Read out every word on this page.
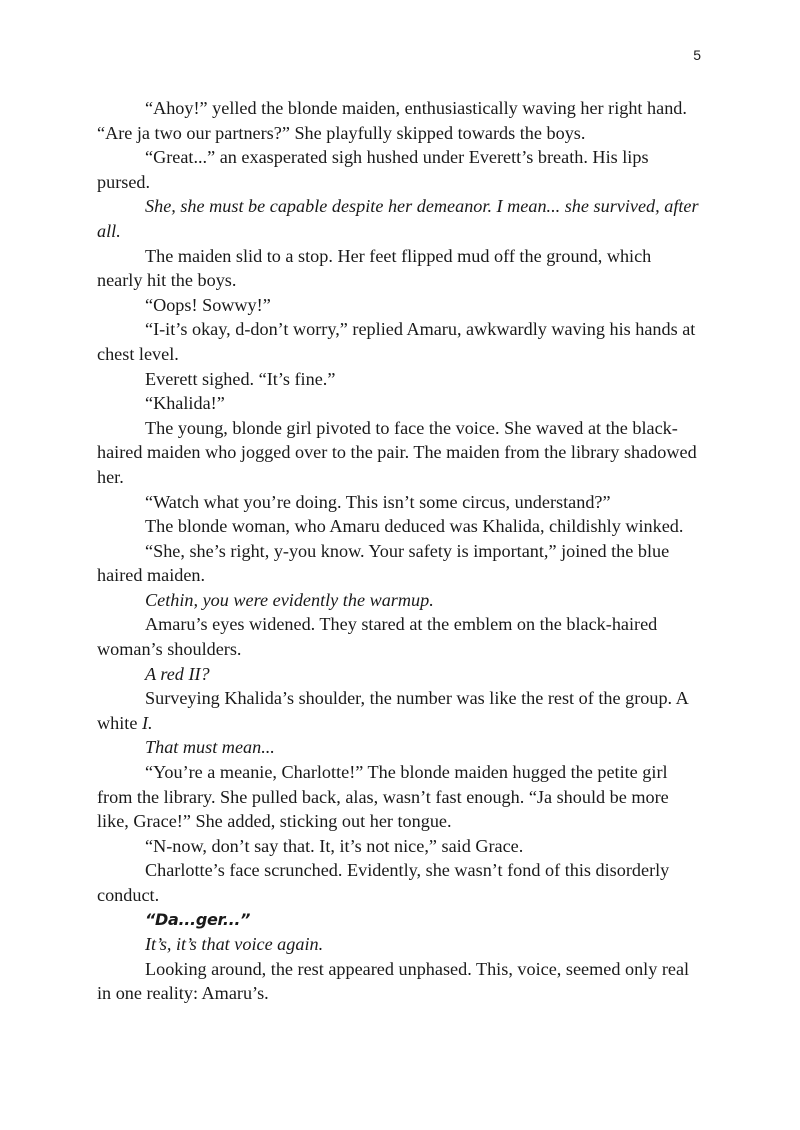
5

“Ahoy!” yelled the blonde maiden, enthusiastically waving her right hand. “Are ja two our partners?” She playfully skipped towards the boys.

“Great...” an exasperated sigh hushed under Everett’s breath. His lips pursed.

She, she must be capable despite her demeanor. I mean... she survived, after all.

The maiden slid to a stop. Her feet flipped mud off the ground, which nearly hit the boys.

“Oops! Sowwy!”

“I-it’s okay, d-don’t worry,” replied Amaru, awkwardly waving his hands at chest level.

Everett sighed. “It’s fine.”

“Khalida!”

The young, blonde girl pivoted to face the voice. She waved at the black-haired maiden who jogged over to the pair. The maiden from the library shadowed her.

“Watch what you’re doing. This isn’t some circus, understand?”

The blonde woman, who Amaru deduced was Khalida, childishly winked.

“She, she’s right, y-you know. Your safety is important,” joined the blue haired maiden.

Cethin, you were evidently the warmup.

Amaru’s eyes widened. They stared at the emblem on the black-haired woman’s shoulders.

A red II?

Surveying Khalida’s shoulder, the number was like the rest of the group. A white I.

That must mean...

“You’re a meanie, Charlotte!” The blonde maiden hugged the petite girl from the library. She pulled back, alas, wasn’t fast enough. “Ja should be more like, Grace!” She added, sticking out her tongue.

“N-now, don’t say that. It, it’s not nice,” said Grace.

Charlotte’s face scrunched. Evidently, she wasn’t fond of this disorderly conduct.

“Da...ger...”

It’s, it’s that voice again.

Looking around, the rest appeared unphased. This, voice, seemed only real in one reality: Amaru’s.
